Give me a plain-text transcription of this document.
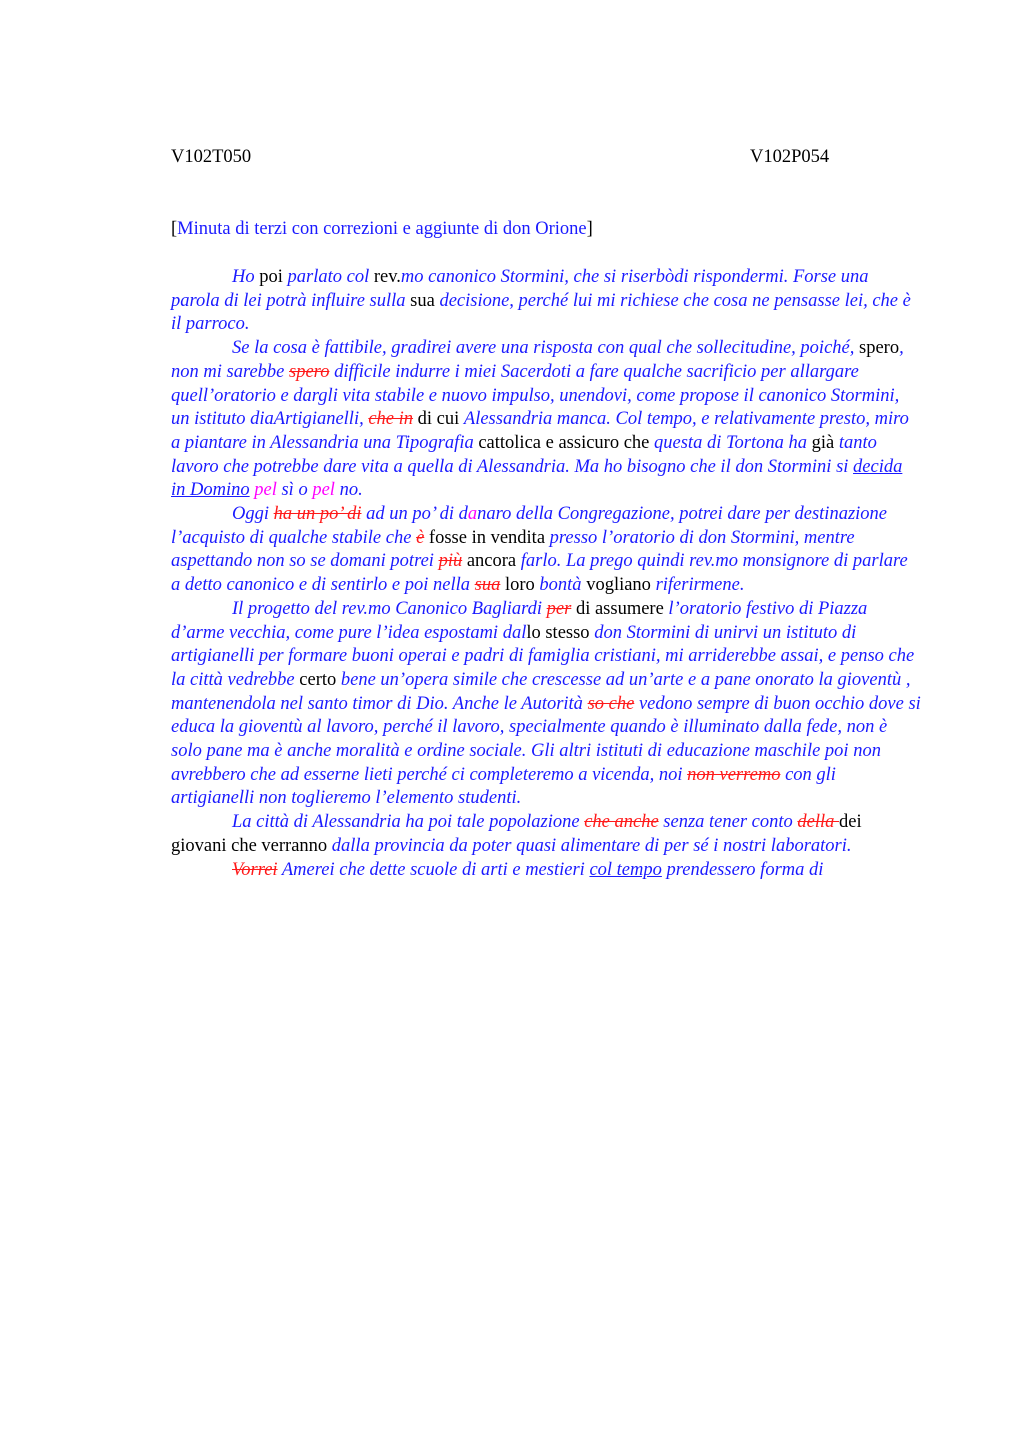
V102T050	V102P054
[Minuta di terzi con correzioni e aggiunte di don Orione]

Ho poi parlato col rev.mo canonico Stormini, che si riserbòdi rispondermi. Forse una parola di lei potrà influire sulla sua decisione, perché lui mi richiese che cosa ne pensasse lei, che è il parroco.

Se la cosa è fattibile, gradirei avere una risposta con qual che sollecitudine, poiché, spero, non mi sarebbe spero difficile indurre i miei Sacerdoti a fare qualche sacrificio per allargare quell’oratorio e dargli vita stabile e nuovo impulso, unendovi, come propose il canonico Stormini, un istituto diaArtigianelli, che in di cui Alessandria manca. Col tempo, e relativamente presto, miro a piantare in Alessandria una Tipografia cattolica e assicuro che questa di Tortona ha già tanto lavoro che potrebbe dare vita a quella di Alessandria. Ma ho bisogno che il don Stormini si decida in Domino pel sì o pel no.

Oggi ha un po’ di ad un po’ di danaro della Congregazione, potrei dare per destinazione l’acquisto di qualche stabile che è fosse in vendita presso l’oratorio di don Stormini, mentre aspettando non so se domani potrei più ancora farlo. La prego quindi rev.mo monsignore di parlare a detto canonico e di sentirlo e poi nella sua loro bontà vogliano riferirmene.

Il progetto del rev.mo Canonico Bagliardi per di assumere l’oratorio festivo di Piazza d’arme vecchia, come pure l’idea espostami dallo stesso don Stormini di unirvi un istituto di artigianelli per formare buoni operai e padri di famiglia cristiani, mi arriderebbe assai, e penso che la città vedrebbe certo bene un’opera simile che crescesse ad un’arte e a pane onorato la gioventù , mantenendola nel santo timor di Dio. Anche le Autorità so che vedono sempre di buon occhio dove si educa la gioventù al lavoro, perché il lavoro, specialmente quando è illuminato dalla fede, non è solo pane ma è anche moralità e ordine sociale. Gli altri istituti di educazione maschile poi non avrebbero che ad esserne lieti perché ci completeremo a vicenda, noi non verremo con gli artigianelli non toglieremo l’elemento studenti.

La città di Alessandria ha poi tale popolazione che anche senza tener conto della dei giovani che verranno dalla provincia da poter quasi alimentare di per sé i nostri laboratori.

Vorrei Amerei che dette scuole di arti e mestieri col tempo prendessero forma di
